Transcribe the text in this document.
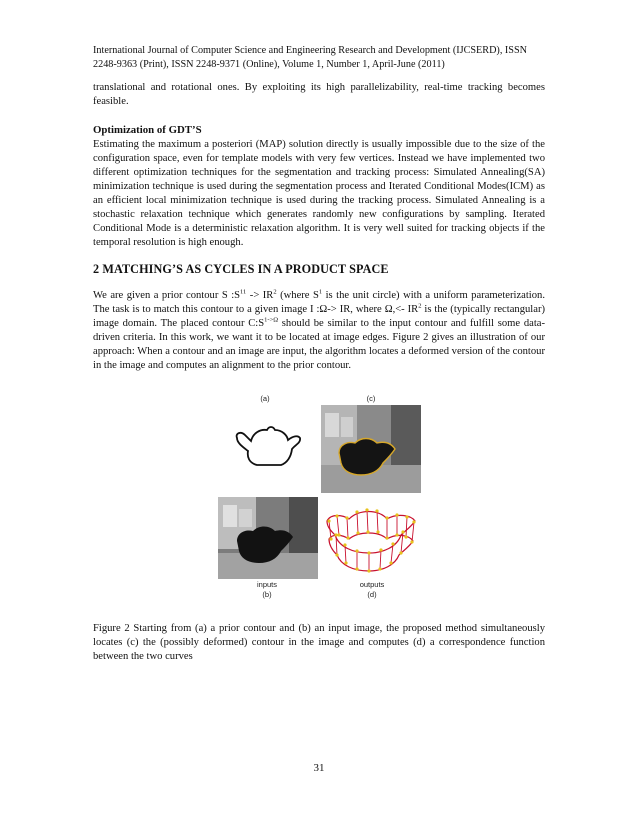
International Journal of Computer Science and Engineering Research and Development (IJCSERD), ISSN
2248-9363 (Print), ISSN 2248-9371 (Online), Volume 1, Number 1, April-June (2011)
translational and rotational ones. By exploiting its high parallelizability, real-time tracking becomes feasible.
Optimization of GDT’S
Estimating the maximum a posteriori (MAP) solution directly is usually impossible due to the size of the configuration space, even for template models with very few vertices. Instead we have implemented two different optimization techniques for the segmentation and tracking process: Simulated Annealing(SA) minimization technique is used during the segmentation process and Iterated Conditional Modes(ICM) as an efficient local minimization technique is used during the tracking process. Simulated Annealing is a stochastic relaxation technique which generates randomly new configurations by sampling. Iterated Conditional Mode is a deterministic relaxation algorithm. It is very well suited for tracking objects if the temporal resolution is high enough.
2 MATCHING’S AS CYCLES IN A PRODUCT SPACE
We are given a prior contour S $:S^{11} -> IR^2$ (where $S^1$ is the unit circle) with a uniform parameterization. The task is to match this contour to a given image I :Ω-> IR, where Ω,<- $IR^2$ is the (typically rectangular) image domain. The placed contour $C:S^{1->\Omega}$ should be similar to the input contour and fulfill some data-driven criteria. In this work, we want it to be located at image edges. Figure 2 gives an illustration of our approach: When a contour and an image are input, the algorithm locates a deformed version of the contour in the image and computes an alignment to the prior contour.
(a)	(c)
inputs	outputs
(b)	(d)
Figure 2 Starting from (a) a prior contour and (b) an input image, the proposed method simultaneously locates (c) the (possibly deformed) contour in the image and computes (d) a correspondence function between the two curves
31
